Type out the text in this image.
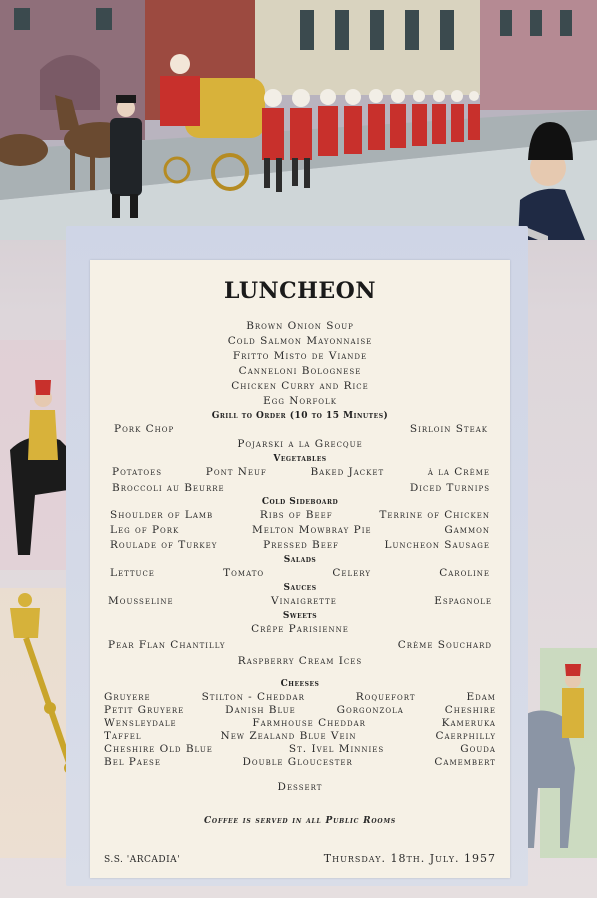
LUNCHEON
Brown Onion Soup
Cold Salmon Mayonnaise
Fritto Misto de Viande
Canneloni Bolognese
Chicken Curry and Rice
Egg Norfolk
Grill to Order (10 to 15 Minutes)
Pork Chop	Sirloin Steak
Pojarski a la Grecque
Vegetables
Potatoes	Pont Neuf	Baked Jacket	à la Crème
Broccoli au Beurre	Diced Turnips
Cold Sideboard
Shoulder of Lamb	Ribs of Beef	Terrine of Chicken
Leg of Pork	Melton Mowbray Pie	Gammon
Roulade of Turkey	Pressed Beef	Luncheon Sausage
Salads
Lettuce	Tomato	Celery	Caroline
Sauces
Mousseline	Vinaigrette	Espagnole
Sweets
Crêpe Parisienne
Pear Flan Chantilly	Crème Souchard
Raspberry Cream Ices
Cheeses
Gruyere	Stilton - Cheddar	Roquefort	Edam
Petit Gruyere	Danish Blue	Gorgonzola	Cheshire
Wensleydale	Farmhouse Cheddar	Kameruka
Taffel	New Zealand Blue Vein	Caerphilly
Cheshire Old Blue	St. Ivel Minnies	Gouda
Bel Paese	Double Gloucester	Camembert
Dessert
Coffee is served in all Public Rooms
S.S. 'ARCADIA'	Thursday. 18th. July. 1957
